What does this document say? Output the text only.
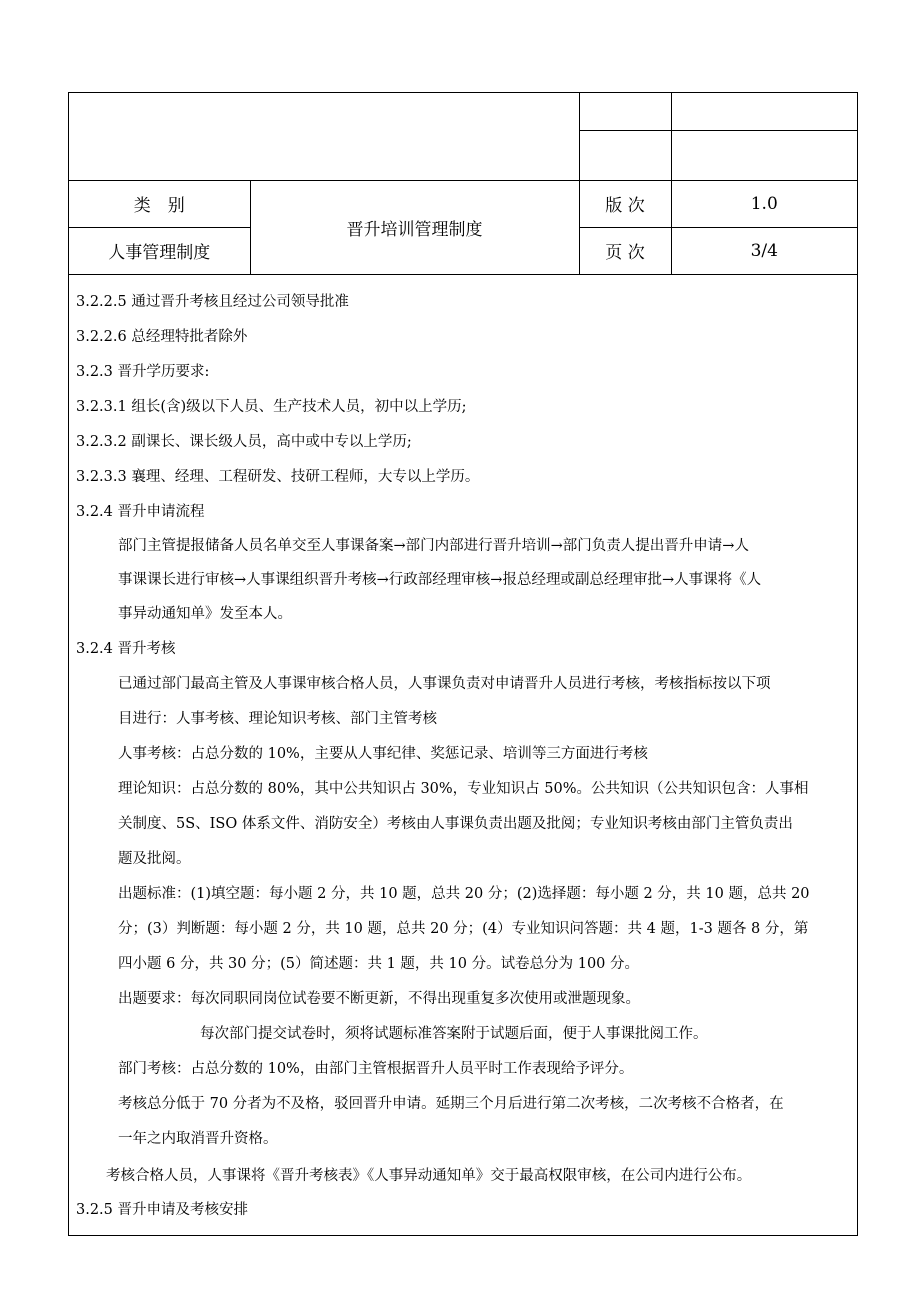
类　别	晋升培训管理制度	版 次	1.0
人事管理制度		页 次	3/4
3.2.2.5 通过晋升考核且经过公司领导批准
3.2.2.6 总经理特批者除外
3.2.3 晋升学历要求:
3.2.3.1 组长(含)级以下人员、生产技术人员，初中以上学历;
3.2.3.2 副课长、课长级人员，高中或中专以上学历;
3.2.3.3 襄理、经理、工程研发、技研工程师，大专以上学历。
3.2.4 晋升申请流程
部门主管提报储备人员名单交至人事课备案→部门内部进行晋升培训→部门负责人提出晋升申请→人
事课课长进行审核→人事课组织晋升考核→行政部经理审核→报总经理或副总经理审批→人事课将《人
事异动通知单》发至本人。
3.2.4 晋升考核
已通过部门最高主管及人事课审核合格人员，人事课负责对申请晋升人员进行考核，考核指标按以下项
目进行：人事考核、理论知识考核、部门主管考核
人事考核：占总分数的 10%，主要从人事纪律、奖惩记录、培训等三方面进行考核
理论知识：占总分数的 80%，其中公共知识占 30%，专业知识占 50%。公共知识（公共知识包含：人事相
关制度、5S、ISO 体系文件、消防安全）考核由人事课负责出题及批阅；专业知识考核由部门主管负责出
题及批阅。
出题标准：(1)填空题：每小题 2 分，共 10 题，总共 20 分；(2)选择题：每小题 2 分，共 10 题，总共 20
分；(3）判断题：每小题 2 分，共 10 题，总共 20 分；(4）专业知识问答题：共 4 题，1-3 题各 8 分，第
四小题 6 分，共 30 分；(5）简述题：共 1 题，共 10 分。试卷总分为 100 分。
出题要求：每次同职同岗位试卷要不断更新，不得出现重复多次使用或泄题现象。
每次部门提交试卷时，须将试题标准答案附于试题后面，便于人事课批阅工作。
部门考核：占总分数的 10%，由部门主管根据晋升人员平时工作表现给予评分。
考核总分低于 70 分者为不及格，驳回晋升申请。延期三个月后进行第二次考核，二次考核不合格者，在
一年之内取消晋升资格。
考核合格人员，人事课将《晋升考核表》《人事异动通知单》交于最高权限审核，在公司内进行公布。
3.2.5 晋升申请及考核安排
